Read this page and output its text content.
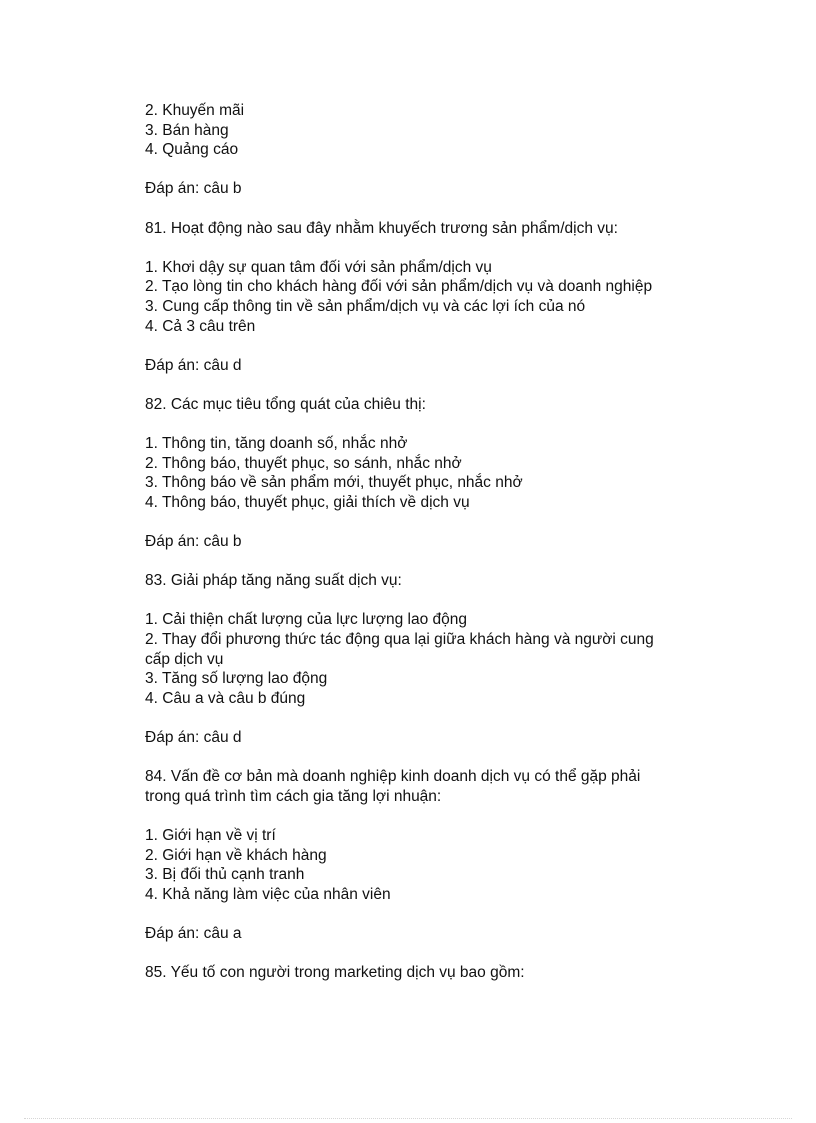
2. Khuyến mãi
3. Bán hàng
4. Quảng cáo
Đáp án: câu b
81. Hoạt động nào sau đây nhằm khuyếch trương sản phẩm/dịch vụ:
1. Khơi dậy sự quan tâm đối với sản phẩm/dịch vụ
2. Tạo lòng tin cho khách hàng đối với sản phẩm/dịch vụ và doanh nghiệp
3. Cung cấp thông tin về sản phẩm/dịch vụ và các lợi ích của nó
4. Cả 3 câu trên
Đáp án: câu d
82. Các mục tiêu tổng quát của chiêu thị:
1. Thông tin, tăng doanh số, nhắc nhở
2. Thông báo, thuyết phục, so sánh, nhắc nhở
3. Thông báo về sản phẩm mới, thuyết phục, nhắc nhở
4. Thông báo, thuyết phục, giải thích về dịch vụ
Đáp án: câu b
83. Giải pháp tăng năng suất dịch vụ:
1. Cải thiện chất lượng của lực lượng lao động
2. Thay đổi phương thức tác động qua lại giữa khách hàng và người cung
cấp dịch vụ
3. Tăng số lượng lao động
4. Câu a và câu b đúng
Đáp án: câu d
84. Vấn đề cơ bản mà doanh nghiệp kinh doanh dịch vụ có thể gặp phải
trong quá trình tìm cách gia tăng lợi nhuận:
1. Giới hạn về vị trí
2. Giới hạn về khách hàng
3. Bị đối thủ cạnh tranh
4. Khả năng làm việc của nhân viên
Đáp án: câu a
85. Yếu tố con người trong marketing dịch vụ bao gồm:
